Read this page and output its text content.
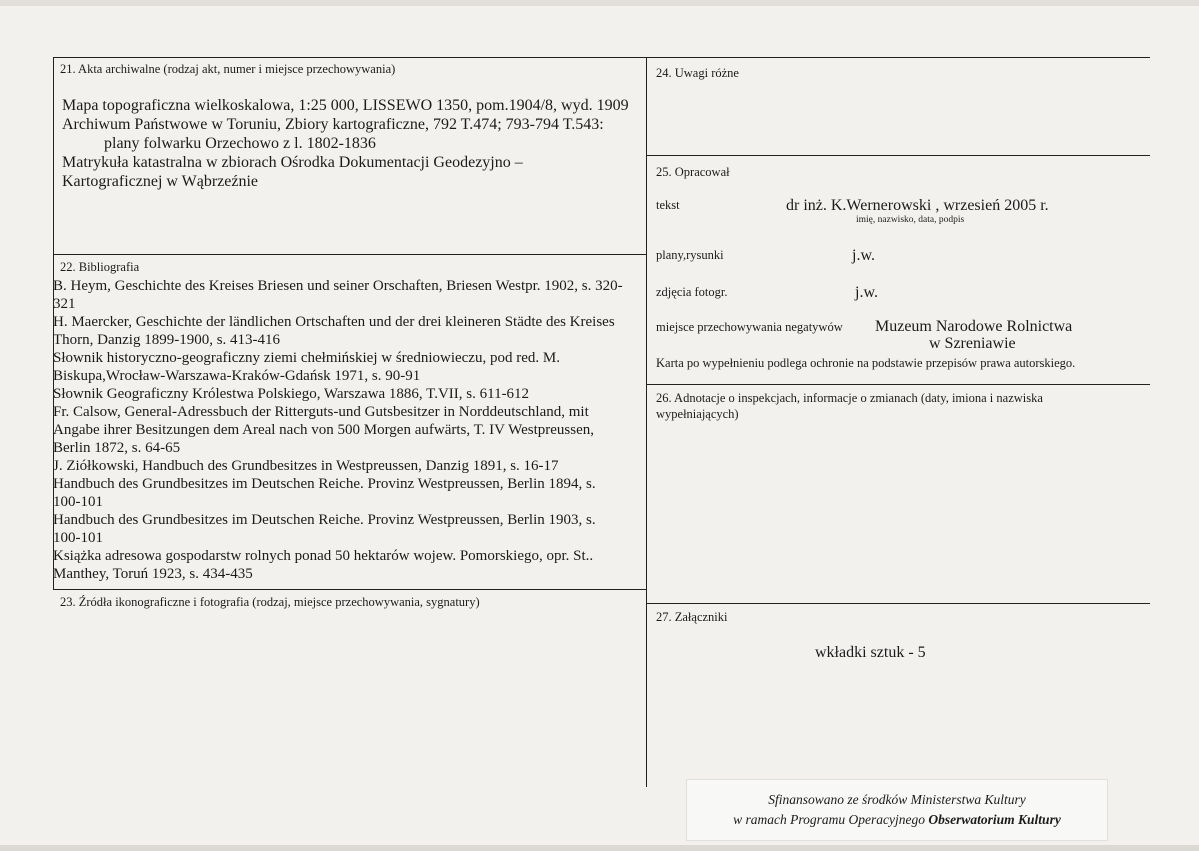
21. Akta archiwalne (rodzaj akt, numer i miejsce przechowywania)

Mapa topograficzna wielkoskalowa, 1:25 000, LISSEWO 1350, pom.1904/8, wyd. 1909

Archiwum Państwowe w Toruniu, Zbiory kartograficzne, 792 T.474; 793-794 T.543:

plany folwarku Orzechowo z l. 1802-1836

Matrykuła katastralna w zbiorach Ośrodka Dokumentacji Geodezyjno – Kartograficznej w Wąbrzeźnie

22. Bibliografia

B. Heym, Geschichte des Kreises Briesen und seiner Orschaften, Briesen Westpr. 1902, s. 320-321

H. Maercker, Geschichte der ländlichen Ortschaften und der drei kleineren Städte des Kreises Thorn, Danzig 1899-1900, s. 413-416

Słownik historyczno-geograficzny ziemi chełmińskiej w średniowieczu, pod red. M. Biskupa,Wrocław-Warszawa-Kraków-Gdańsk 1971, s. 90-91

Słownik Geograficzny Królestwa Polskiego, Warszawa 1886, T.VII, s. 611-612

Fr. Calsow, General-Adressbuch der Ritterguts-und Gutsbesitzer in Norddeutschland, mit Angabe ihrer Besitzungen dem Areal nach von 500 Morgen aufwärts, T. IV Westpreussen, Berlin 1872, s. 64-65

J. Ziółkowski, Handbuch des Grundbesitzes in Westpreussen, Danzig 1891, s. 16-17

Handbuch des Grundbesitzes im Deutschen Reiche. Provinz Westpreussen, Berlin 1894, s. 100-101

Handbuch des Grundbesitzes im Deutschen Reiche. Provinz Westpreussen, Berlin 1903, s. 100-101

Książka adresowa gospodarstw rolnych ponad 50 hektarów wojew. Pomorskiego, opr. St.. Manthey, Toruń 1923, s. 434-435

23. Źródła ikonograficzne i fotografia (rodzaj, miejsce przechowywania, sygnatury)
24. Uwagi różne
25. Opracował
tekst	dr inż. K.Wernerowski , wrzesień 2005 r.
imię, nazwisko, data, podpis
plany,rysunki	j.w.
zdjęcia fotogr.	j.w.
miejsce przechowywania negatywów Muzeum Narodowe Rolnictwa
w Szreniawie
Karta po wypełnieniu podlega ochronie na podstawie przepisów prawa autorskiego.
26. Adnotacje o inspekcjach, informacje o zmianach (daty, imiona i nazwiska
wypełniających)
27. Załączniki
wkładki sztuk - 5
Sfinansowano ze środków Ministerstwa Kultury
w ramach Programu Operacyjnego Obserwatorium Kultury
